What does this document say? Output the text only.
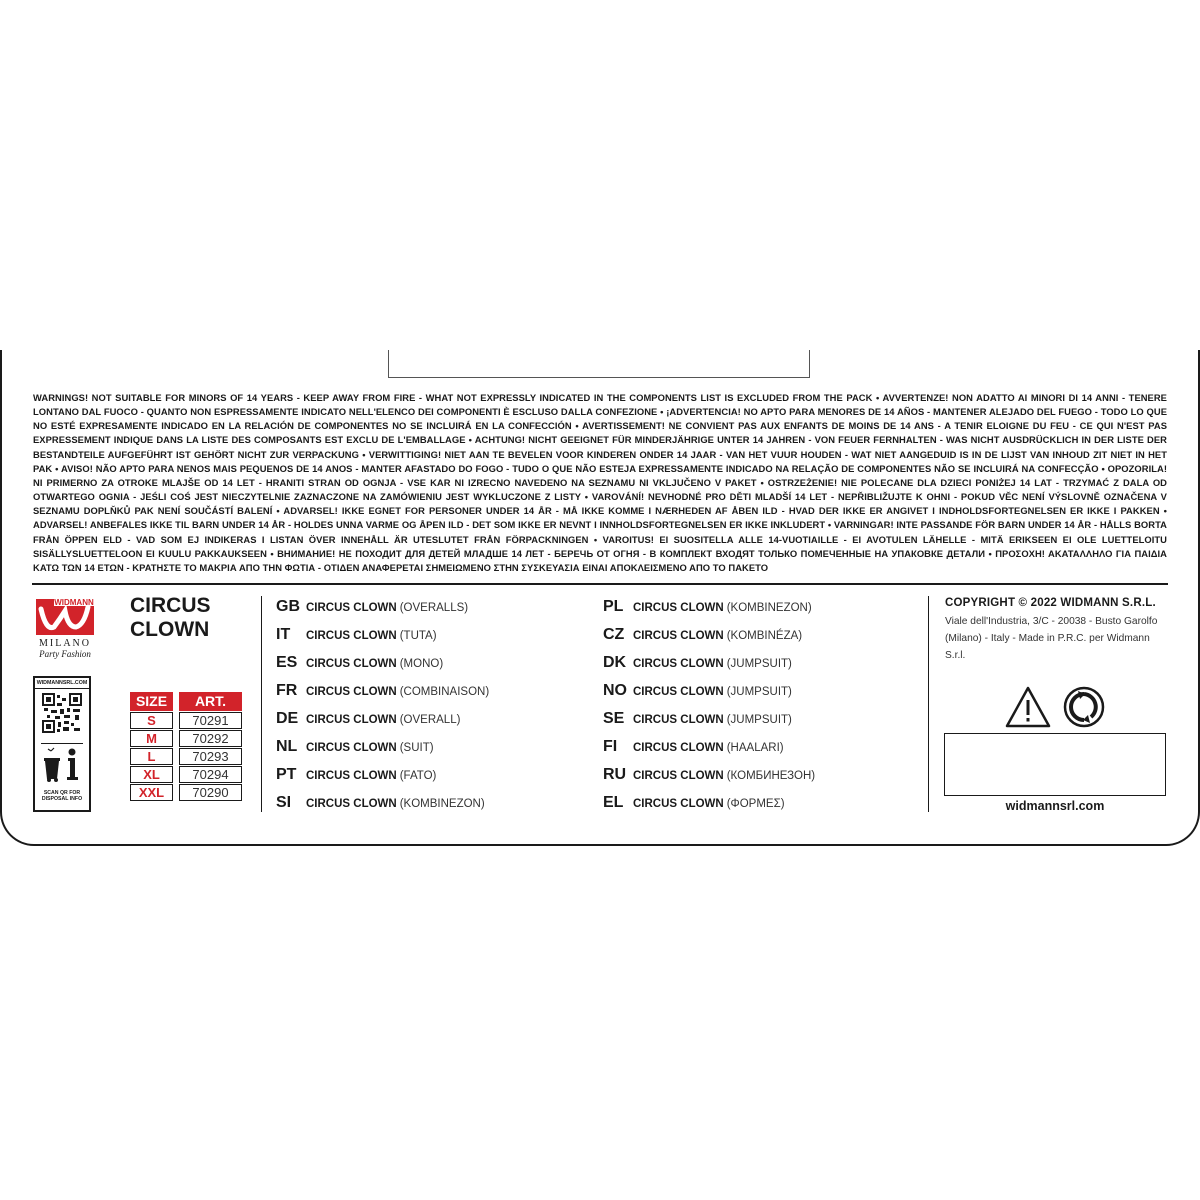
WARNINGS! NOT SUITABLE FOR MINORS OF 14 YEARS - KEEP AWAY FROM FIRE - WHAT NOT EXPRESSLY INDICATED IN THE COMPONENTS LIST IS EXCLUDED FROM THE PACK • AVVERTENZE! NON ADATTO AI MINORI DI 14 ANNI - TENERE LONTANO DAL FUOCO - QUANTO NON ESPRESSAMENTE INDICATO NELL'ELENCO DEI COMPONENTI È ESCLUSO DALLA CONFEZIONE • ¡ADVERTENCIA! NO APTO PARA MENORES DE 14 AÑOS - MANTENER ALEJADO DEL FUEGO - TODO LO QUE NO ESTÉ EXPRESAMENTE INDICADO EN LA RELACIÓN DE COMPONENTES NO SE INCLUIRÁ EN LA CONFECCIÓN • AVERTISSEMENT! NE CONVIENT PAS AUX ENFANTS DE MOINS DE 14 ANS - A TENIR ELOIGNE DU FEU - CE QUI N'EST PAS EXPRESSEMENT INDIQUE DANS LA LISTE DES COMPOSANTS EST EXCLU DE L'EMBALLAGE • ACHTUNG! NICHT GEEIGNET FÜR MINDERJÄHRIGE UNTER 14 JAHREN - VON FEUER FERNHALTEN - WAS NICHT AUSDRÜCKLICH IN DER LISTE DER BESTANDTEILE AUFGEFÜHRT IST GEHÖRT NICHT ZUR VERPACKUNG • VERWITTIGING! NIET AAN TE BEVELEN VOOR KINDEREN ONDER 14 JAAR - VAN HET VUUR HOUDEN - WAT NIET AANGEDUID IS IN DE LIJST VAN INHOUD ZIT NIET IN HET PAK • AVISO! NÃO APTO PARA NENOS MAIS PEQUENOS DE 14 ANOS - MANTER AFASTADO DO FOGO - TUDO O QUE NÃO ESTEJA EXPRESSAMENTE INDICADO NA RELAÇÃO DE COMPONENTES NÃO SE INCLUIRÁ NA CONFECÇÃO • OPOZORILA! NI PRIMERNO ZA OTROKE MLAJŠE OD 14 LET - HRANITI STRAN OD OGNJA - VSE KAR NI IZRECNO NAVEDENO NA SEZNAMU NI VKLJUČENO V PAKET • OSTRZEŻENIE! NIE POLECANE DLA DZIECI PONIŻEJ 14 LAT - TRZYMAĆ Z DALA OD OTWARTEGO OGNIA - JEŚLI COŚ JEST NIECZYTELNIE ZAZNACZONE NA ZAMÓWIENIU JEST WYKLUCZONE Z LISTY • VAROVÁNÍ! NEVHODNÉ PRO DĚTI MLADŠÍ 14 LET - NEPŘIBLIŽUJTE K OHNI - POKUD VĚC NENÍ VÝSLOVNĚ OZNAČENA V SEZNAMU DOPLŇKŮ PAK NENÍ SOUČÁSTÍ BALENÍ • ADVARSEL! IKKE EGNET FOR PERSONER UNDER 14 ÅR - MÅ IKKE KOMME I NÆRHEDEN AF ÅBEN ILD - HVAD DER IKKE ER ANGIVET I INDHOLDSFORTEGNELSEN ER IKKE I PAKKEN • ADVARSEL! ANBEFALES IKKE TIL BARN UNDER 14 ÅR - HOLDES UNNA VARME OG ÅPEN ILD - DET SOM IKKE ER NEVNT I INNHOLDSFORTEGNELSEN ER IKKE INKLUDERT • VARNINGAR! INTE PASSANDE FÖR BARN UNDER 14 ÅR - HÅLLS BORTA FRÅN ÖPPEN ELD - VAD SOM EJ INDIKERAS I LISTAN ÖVER INNEHÅLL ÄR UTESLUTET FRÅN FÖRPACKNINGEN • VAROITUS! EI SUOSITELLA ALLE 14-VUOTIAILLE - EI AVOTULEN LÄHELLE - MITÄ ERIKSEEN EI OLE LUETTELOITU SISÄLLYSLUETTELOON EI KUULU PAKKAUKSEEN • ВНИМАНИЕ! НЕ ПОХОДИТ ДЛЯ ДЕТЕЙ МЛАДШЕ 14 ЛЕТ - БЕРЕЧЬ ОТ ОГНЯ - В КОМПЛЕКТ ВХОДЯТ ТОЛЬКО ПОМЕЧЕННЫЕ НА УПАКОВКЕ ДЕТАЛИ • ΠΡΟΣΟΧΗ! ΑΚΑΤΑΛΛΗΛΟ ΓΙΑ ΠΑΙΔΙΑ ΚΑΤΩ ΤΩΝ 14 ΕΤΩΝ - ΚΡΑΤΗΣΤΕ ΤΟ ΜΑΚΡΙΑ ΑΠΟ ΤΗΝ ΦΩΤΙΑ - ΟΤΙΔΕΝ ΑΝΑΦΕΡΕΤΑΙ ΣΗΜΕΙΩΜΕΝΟ ΣΤΗΝ ΣΥΣΚΕΥΑΣΙΑ ΕΙΝΑΙ ΑΠΟΚΛΕΙΣΜΕΝΟ ΑΠΟ ΤΟ ΠΑΚΕΤΟ
WIDMANN
MILANO
Party Fashion
WIDMANNSRL.COM
SCAN QR FOR
DISPOSAL INFO
CIRCUS
CLOWN
SIZE	ART.
S	70291
M	70292
L	70293
XL	70294
XXL	70290
GB CIRCUS CLOWN (OVERALLS)
IT	CIRCUS CLOWN (TUTA)
ES CIRCUS CLOWN (MONO)
FR CIRCUS CLOWN (COMBINAISON)
DE CIRCUS CLOWN (OVERALL)
NL CIRCUS CLOWN (SUIT)
PT CIRCUS CLOWN (FATO)
SI	CIRCUS CLOWN (KOMBINEZON)
PL CIRCUS CLOWN (KOMBINEZON)
CZ CIRCUS CLOWN (KOMBINÉZA)
DK CIRCUS CLOWN (JUMPSUIT)
NO CIRCUS CLOWN (JUMPSUIT)
SE CIRCUS CLOWN (JUMPSUIT)
FI	CIRCUS CLOWN (HAALARI)
RU CIRCUS CLOWN (КОМБИНЕЗОН)
EL CIRCUS CLOWN (ΦΟΡΜΕΣ)
COPYRIGHT © 2022 WIDMANN S.R.L.
Viale dell'Industria, 3/C - 20038 - Busto Garolfo
(Milano) - Italy - Made in P.R.C. per Widmann S.r.l.
widmannsrl.com
